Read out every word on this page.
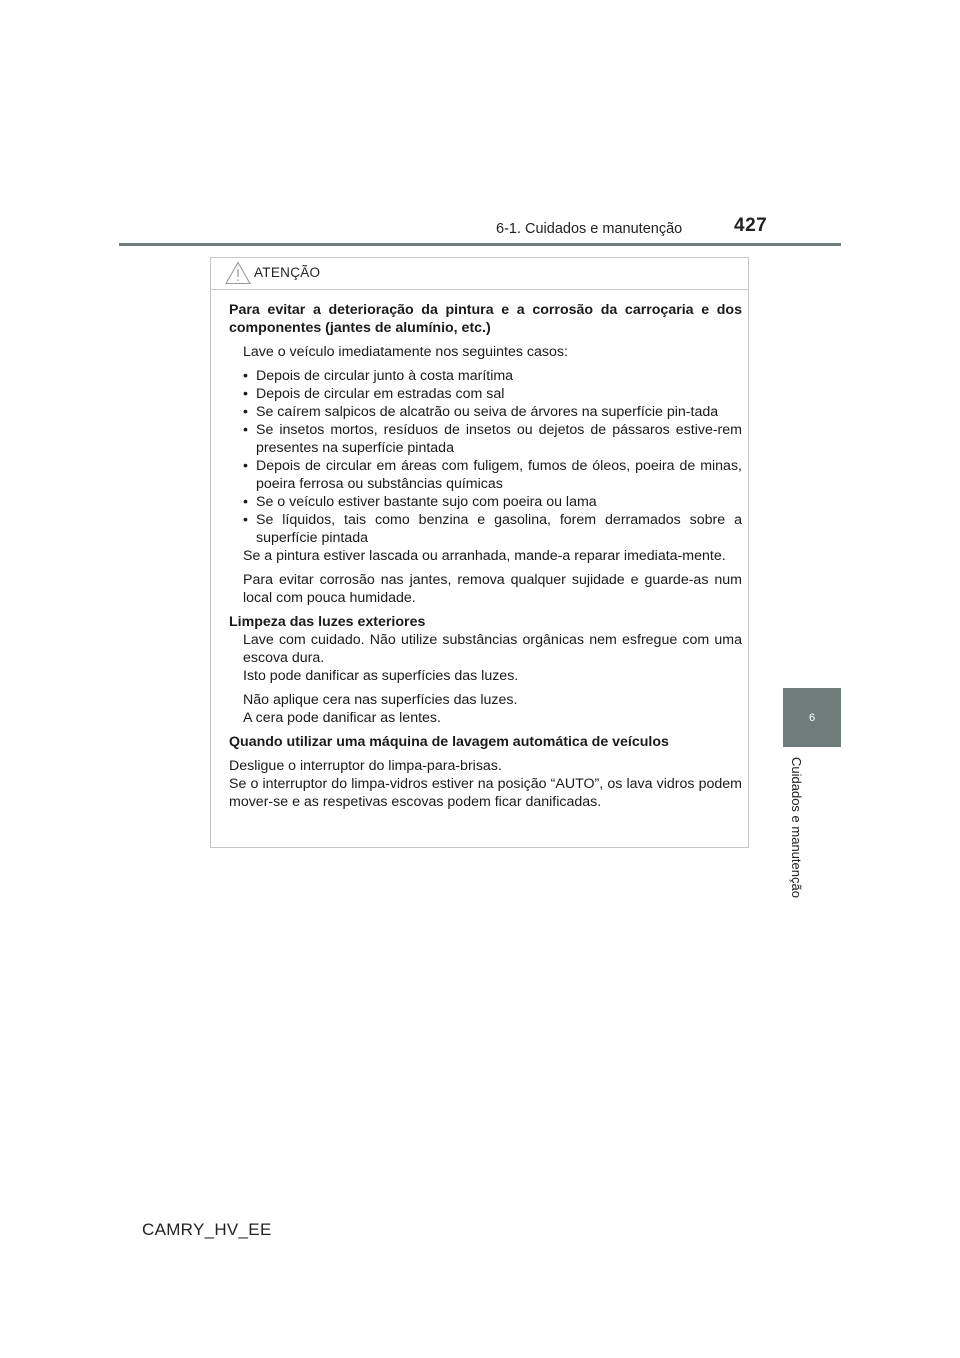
6-1. Cuidados e manutenção	427
6
Cuidados e manutenção
ATENÇÃO

Para evitar a deterioração da pintura e a corrosão da carroçaria e dos componentes (jantes de alumínio, etc.)

Lave o veículo imediatamente nos seguintes casos:

• Depois de circular junto à costa marítima
• Depois de circular em estradas com sal
• Se caírem salpicos de alcatrão ou seiva de árvores na superfície pin-tada
• Se insetos mortos, resíduos de insetos ou dejetos de pássaros estive-rem presentes na superfície pintada
• Depois de circular em áreas com fuligem, fumos de óleos, poeira de minas, poeira ferrosa ou substâncias químicas
• Se o veículo estiver bastante sujo com poeira ou lama
• Se líquidos, tais como benzina e gasolina, forem derramados sobre a superfície pintada

Se a pintura estiver lascada ou arranhada, mande-a reparar imediata-mente.

Para evitar corrosão nas jantes, remova qualquer sujidade e guarde-as num local com pouca humidade.

Limpeza das luzes exteriores

Lave com cuidado. Não utilize substâncias orgânicas nem esfregue com uma escova dura.

Isto pode danificar as superfícies das luzes.

Não aplique cera nas superfícies das luzes.

A cera pode danificar as lentes.

Quando utilizar uma máquina de lavagem automática de veículos

Desligue o interruptor do limpa-para-brisas.

Se o interruptor do limpa-vidros estiver na posição “AUTO”, os lava vidros podem mover-se e as respetivas escovas podem ficar danificadas.

CAMRY_HV_EE
